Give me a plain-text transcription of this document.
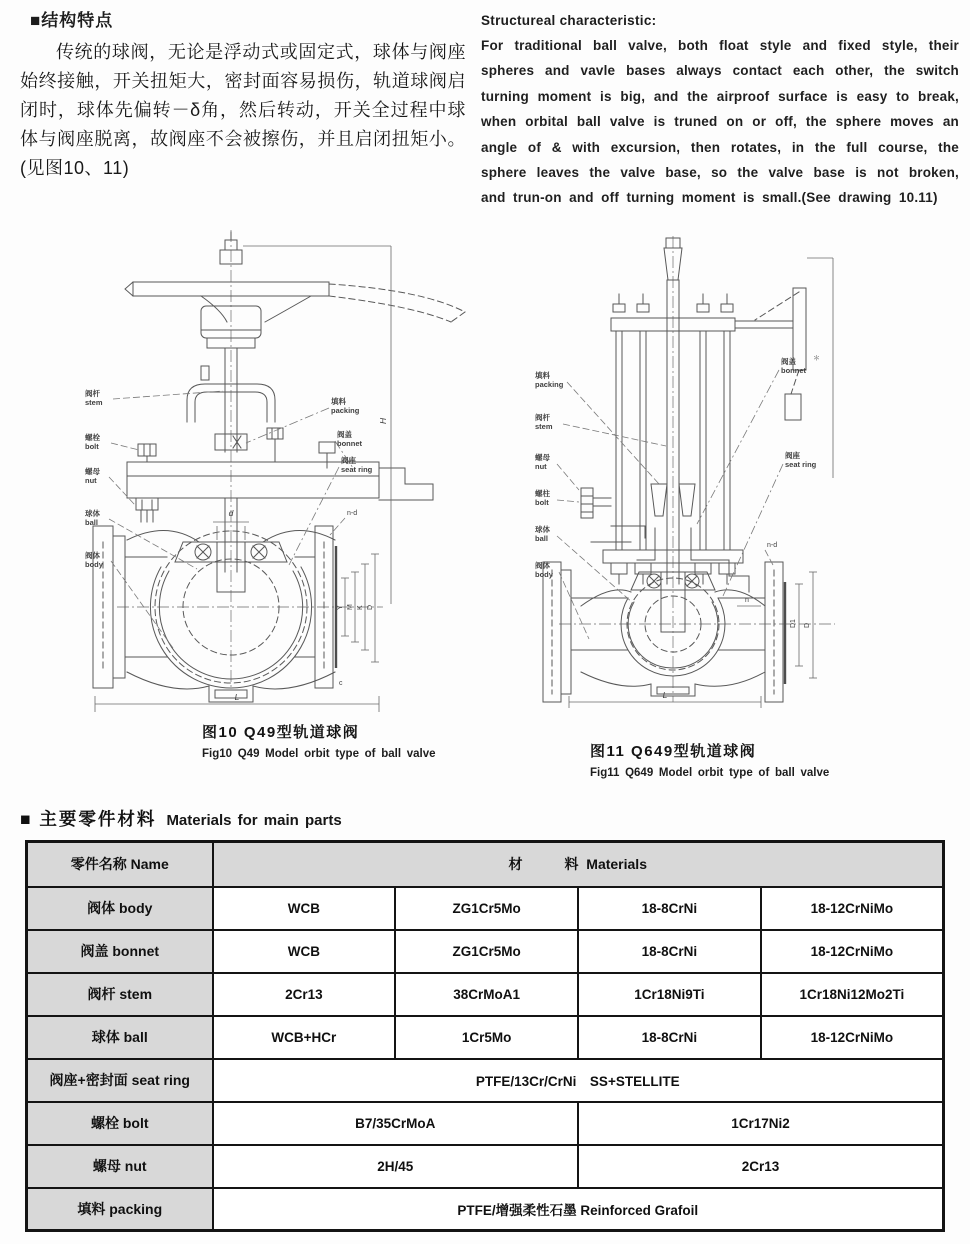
■结构特点

传统的球阀，无论是浮动式或固定式，球体与阀座始终接触，开关扭矩大，密封面容易损伤，轨道球阀启闭时，球体先偏转－δ角，然后转动，开关全过程中球体与阀座脱离，故阀座不会被擦伤，并且启闭扭矩小。(见图10、11)

Structureal characteristic:

For traditional ball valve, both float style and fixed style, their spheres and vavle bases always contact each other, the switch turning moment is big, and the airproof surface is easy to break, when orbital ball valve is truned on or off, the sphere moves an angle of & with excursion, then rotates, in the full course, the sphere leaves the valve base, so the valve base is not broken, and trun-on and off turning moment is small.(See drawing 10.11)

阀杆
stem
螺栓
bolt
螺母
nut
球体
ball
阀体
body
填料
packing
阀盖
bonnet
阀座
seat ring
d
L
Y M K D
H
n-d
c
图10 Q49型轨道球阀
Fig10 Q49 Model orbit type of ball valve
填料
packing
阀杆
stem
螺母
nut
螺柱
bolt
球体
ball
阀体
body
阀盖 ＊
bonnet
阀座
seat ring
L
D1 D
n-d
n
图11 Q649型轨道球阀
Fig11 Q649 Model orbit type of ball valve
■ 主要零件材料 Materials for main parts
零件名称 Name	材　　　料  Materials			
阀体 body	WCB	ZG1Cr5Mo	18-8CrNi	18-12CrNiMo
阀盖 bonnet	WCB	ZG1Cr5Mo	18-8CrNi	18-12CrNiMo
阀杆 stem	2Cr13	38CrMoA1	1Cr18Ni9Ti	1Cr18Ni12Mo2Ti
球体 ball	WCB+HCr	1Cr5Mo	18-8CrNi	18-12CrNiMo
阀座+密封面 seat ring	PTFE/13Cr/CrNi　SS+STELLITE			
螺栓 bolt	B7/35CrMoA		1Cr17Ni2	
螺母 nut	2H/45		2Cr13	
填料 packing	PTFE/增强柔性石墨 Reinforced Grafoil			
